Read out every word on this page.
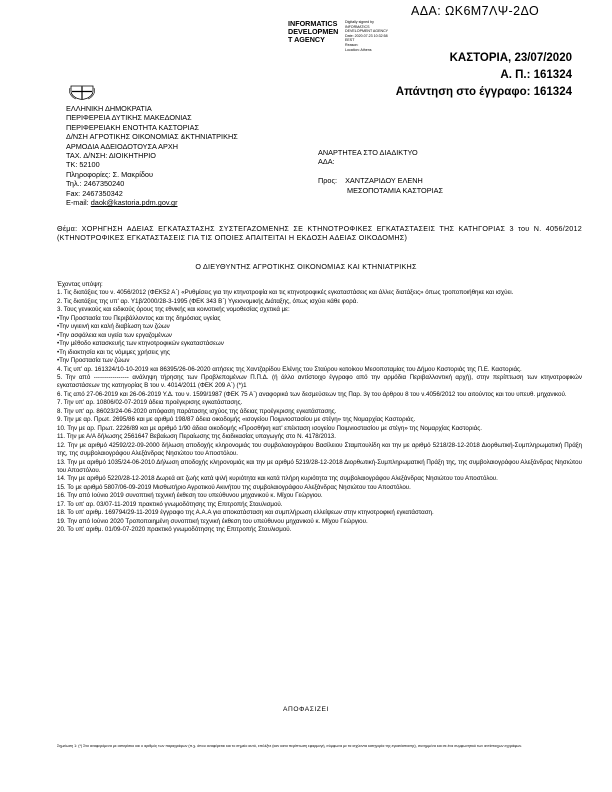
ΑΔΑ: ΩΚ6Μ7ΛΨ-2ΔΟ
INFORMATICS
DEVELOPMEN
T AGENCY
Digitally signed by
INFORMATICS
DEVELOPMENT AGENCY
Date: 2020.07.23 10:32:58
EEST
Reason:
Location: Athens
ΚΑΣΤΟΡΙΑ, 23/07/2020
Α. Π.: 161324
Απάντηση στο έγγραφο: 161324
ΕΛΛΗΝΙΚΗ ΔΗΜΟΚΡΑΤΙΑ
ΠΕΡΙΦΕΡΕΙΑ ΔΥΤΙΚΗΣ ΜΑΚΕΔΟΝΙΑΣ
ΠΕΡΙΦΕΡΕΙΑΚΗ ΕΝΟΤΗΤΑ ΚΑΣΤΟΡΙΑΣ
Δ/ΝΣΗ ΑΓΡΟΤΙΚΗΣ ΟΙΚΟΝΟΜΙΑΣ &ΚΤΗΝΙΑΤΡΙΚΗΣ
ΑΡΜΟΔΙΑ ΑΔΕΙΟΔΟΤΟΥΣΑ ΑΡΧΗ
ΤΑΧ. Δ/ΝΣΗ: ΔΙΟΙΚΗΤΗΡΙΟ
ΤΚ: 52100
Πληροφορίες: Σ. Μακρίδου
Τηλ.: 2467350240
Fax: 2467350342
E-mail: daok@kastoria.pdm.gov.gr
ΑΝΑΡΤΗΤΕΑ ΣΤΟ ΔΙΑΔΙΚΤΥΟ
ΑΔΑ:
Προς: ΧΑΝΤΖΑΡΙΔΟΥ ΕΛΕΝΗ
ΜΕΣΟΠΟΤΑΜΙΑ ΚΑΣΤΟΡΙΑΣ
Θέμα: ΧΟΡΗΓΗΣΗ ΑΔΕΙΑΣ ΕΓΚΑΤΑΣΤΑΣΗΣ ΣΥΣΤΕΓΑΖΟΜΕΝΗΣ ΣΕ ΚΤΗΝΟΤΡΟΦΙΚΕΣ ΕΓΚΑΤΑΣΤΑΣΕΙΣ ΤΗΣ ΚΑΤΗΓΟΡΙΑΣ 3 του Ν. 4056/2012 (ΚΤΗΝΟΤΡΟΦΙΚΕΣ ΕΓΚΑΤΑΣΤΑΣΕΙΣ ΓΙΑ ΤΙΣ ΟΠΟΙΕΣ ΑΠΑΙΤΕΙΤΑΙ Η ΕΚΔΟΣΗ ΑΔΕΙΑΣ ΟΙΚΟΔΟΜΗΣ)
Ο ΔΙΕΥΘΥΝΤΗΣ ΑΓΡΟΤΙΚΗΣ ΟΙΚΟΝΟΜΙΑΣ ΚΑΙ ΚΤΗΝΙΑΤΡΙΚΗΣ

Έχοντας υπόψη:

1. Τις διατάξεις του ν. 4056/2012 (ΦΕΚ52 Α΄) «Ρυθμίσεις για την κτηνοτροφία και τις κτηνοτροφικές εγκαταστάσεις και άλλες διατάξεις» όπως τροποποιήθηκε και ισχύει.

2. Τις διατάξεις της υπ' αρ. Υ1β/2000/28-3-1995 (ΦΕΚ 343 Β΄) Υγειονομικής Διάταξης, όπως ισχύει κάθε φορά.

3. Τους γενικούς και ειδικούς όρους της εθνικής και κοινοτικής νομοθεσίας σχετικά με:

•Την Προστασία του Περιβάλλοντος και της δημόσιας υγείας

•Την υγιεινή και καλή διαβίωση των ζώων

•Την ασφάλεια και υγεία των εργαζομένων

•Την μέθοδο κατασκευής των κτηνοτροφικών εγκαταστάσεων

•Τη ιδιοκτησία και τις νόμιμες χρήσεις γης

•Την Προστασία των ζώων

4. Τις υπ' αρ. 161324/10-10-2019 και 86395/26-06-2020 αιτήσεις της Χαντζαρίδου Ελένης του Σταύρου κατοίκου Μεσοποταμίας του Δήμου Καστοριάς της Π.Ε. Καστοριάς.

5. Την από ----------------- ανάληψη τήρησης των Προβλεπομένων Π.Π.Δ. (ή άλλο αντίστοιχο έγγραφο από την αρμόδια Περιβαλλοντική αρχή), στην περίπτωση των κτηνοτροφικών εγκαταστάσεων της κατηγορίας Β του ν. 4014/2011 (ΦΕΚ 209 Α΄) (*)1

6. Τις από 27-06-2019 και 26-06-2019 Υ.Δ. του ν. 1599/1987 (ΦΕΚ 75 Α΄) αναφορικά των δεσμεύσεων της Παρ. 3γ του άρθρου 8 του ν.4056/2012 του αιτούντος και του υπευθ. μηχανικού.

7. Την υπ' αρ. 10806/02-07-2019 άδεια προέγκρισης εγκατάστασης.

8. Την υπ' αρ. 86023/24-06-2020 απόφαση παράτασης ισχύος της άδειας προέγκρισης εγκατάστασης.

9. Την με αρ. Πρωτ. 2695/86 και με αριθμό 198/87 άδεια οικοδομής «ισογείου Ποιμνιοστασίου με στέγη» της Νομαρχίας Καστοριάς.

10. Την με αρ. Πρωτ. 2226/89 και με αριθμό 1/90 άδεια οικοδομής «Προσθήκη κατ' επέκταση ισογείου Ποιμνιοστασίου με στέγη» της Νομαρχίας Καστοριάς.

11. Την με Α/Α δήλωσης 2561647 Βεβαίωση Περαίωσης της διαδικασίας υπαγωγής στο Ν. 4178/2013.

12. Την με αριθμό 42592/22-09-2000 δήλωση αποδοχής κληρονομιάς του συμβολαιογράφου Βασίλειου Σταμπουλίδη και την με αριθμό 5218/28-12-2018 Διορθωτική-Συμπληρωματική Πράξη της, της συμβολαιογράφου Αλεξάνδρας Νησιώτου του Αποστόλου.

13. Την με αριθμό 1035/24-06-2010 Δήλωση αποδοχής κληρονομιάς και την με αριθμό 5219/28-12-2018 Διορθωτική-Συμπληρωματική Πράξη της, της συμβολαιογράφου Αλεξάνδρας Νησιώτου του Αποστόλου.

14. Την με αριθμό 5220/28-12-2018 Δωρεά αιτ ζωής κατά ψιλή κυριότητα και κατά πλήρη κυριότητα της συμβολαιογράφου Αλεξάνδρας Νησιώτου του Αποστόλου.

15. Το με αριθμό 5807/06-09-2019 Μισθωτήριο Αγροτικού Ακινήτου της συμβολαιογράφου Αλεξάνδρας Νησιώτου του Αποστόλου.

16. Την από Ιούνιο 2019 συνοπτική τεχνική έκθεση του υπεύθυνου μηχανικού κ. Μίχου Γεώργιου.

17. Το υπ' αρ. 03/07-11-2019 πρακτικό γνωμοδότησης της Επιτροπής Σταυλισμού.

18. Το υπ' αριθμ. 169794/29-11-2019 έγγραφο της Α.Α.Α για αποκατάσταση και συμπλήρωση ελλείψεων στην κτηνοτροφική εγκατάσταση.

19. Την από Ιούνιο 2020 Τροποποιημένη συνοπτική τεχνική έκθεση του υπεύθυνου μηχανικού κ. Μίχου Γεώργιου.

20. Το υπ' αριθμ. 01/09-07-2020 πρακτικό γνωμοδότησης της Επιτροπής Σταυλισμού.

ΑΠΟΦΑΣΙΖΕΙ
Σημείωση 1: (*) Στα αναφερόμενα με αστερίσκο και ο αριθμός των παραγράφων (π.χ. όπου αναφέρεται και το σημείο αυτό, επιλέξτε (καν κατα περίπτωση εφαρμογή, σύμφωνα με τα ισχύοντα κατηγορία της εγκατάστασης), συνημμένα και σε ένα συμφωνητικό των αντίστοιχων εγγράφων.
